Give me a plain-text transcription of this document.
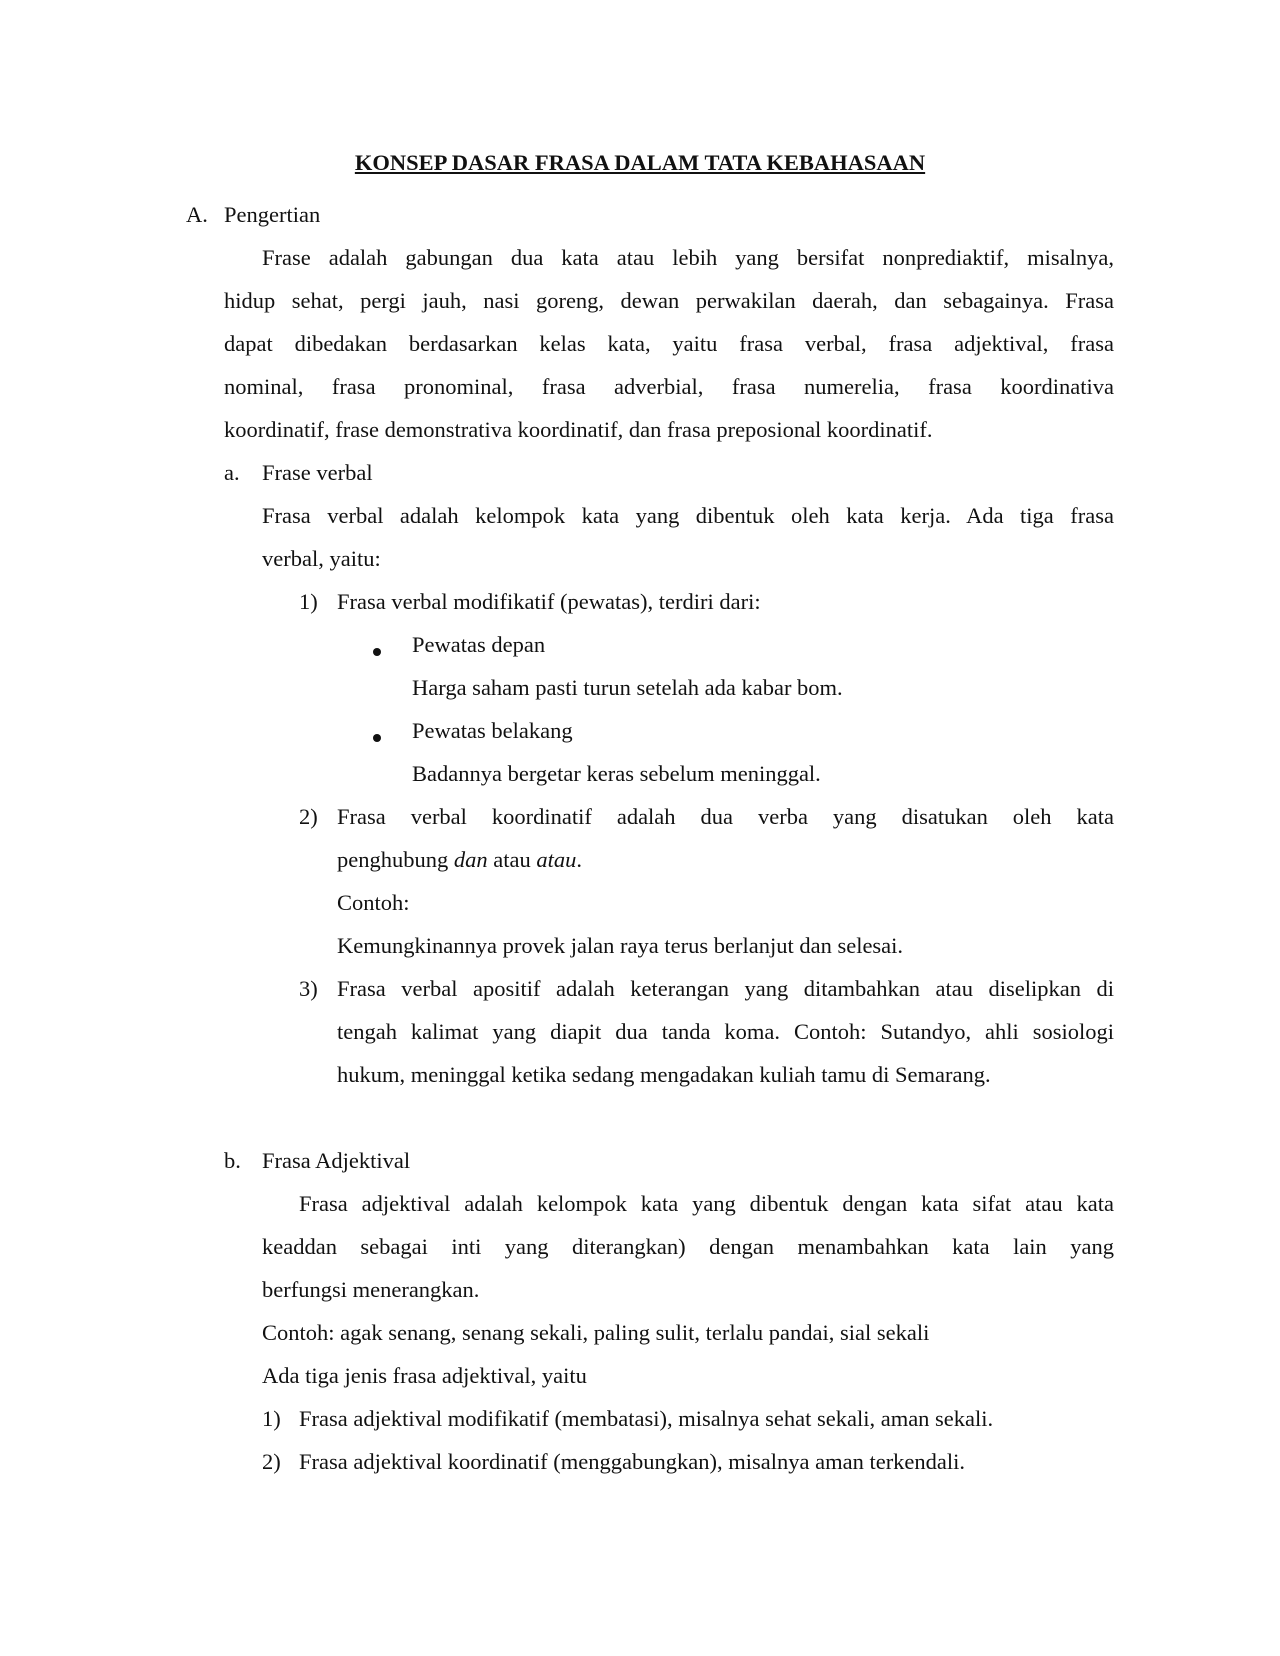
KONSEP DASAR FRASA DALAM TATA KEBAHASAAN
A. Pengertian
Frase adalah gabungan dua kata atau lebih yang bersifat nonprediaktif, misalnya,
hidup sehat, pergi jauh, nasi goreng, dewan perwakilan daerah, dan sebagainya. Frasa
dapat dibedakan berdasarkan kelas kata, yaitu frasa verbal, frasa adjektival, frasa
nominal, frasa pronominal, frasa adverbial, frasa numerelia, frasa koordinativa
koordinatif, frase demonstrativa koordinatif, dan frasa preposional koordinatif.
a. Frase verbal
Frasa verbal adalah kelompok kata yang dibentuk oleh kata kerja. Ada tiga frasa
verbal, yaitu:
1) Frasa verbal modifikatif (pewatas), terdiri dari:
Pewatas depan
Harga saham pasti turun setelah ada kabar bom.
Pewatas belakang
Badannya bergetar keras sebelum meninggal.
2) Frasa verbal koordinatif adalah dua verba yang disatukan oleh kata
penghubung dan atau atau.
Contoh:
Kemungkinannya provek jalan raya terus berlanjut dan selesai.
3) Frasa verbal apositif adalah keterangan yang ditambahkan atau diselipkan di
tengah kalimat yang diapit dua tanda koma. Contoh: Sutandyo, ahli sosiologi
hukum, meninggal ketika sedang mengadakan kuliah tamu di Semarang.
b. Frasa Adjektival
Frasa adjektival adalah kelompok kata yang dibentuk dengan kata sifat atau kata
keaddan sebagai inti yang diterangkan) dengan menambahkan kata lain yang
berfungsi menerangkan.
Contoh: agak senang, senang sekali, paling sulit, terlalu pandai, sial sekali
Ada tiga jenis frasa adjektival, yaitu
1) Frasa adjektival modifikatif (membatasi), misalnya sehat sekali, aman sekali.
2) Frasa adjektival koordinatif (menggabungkan), misalnya aman terkendali.
